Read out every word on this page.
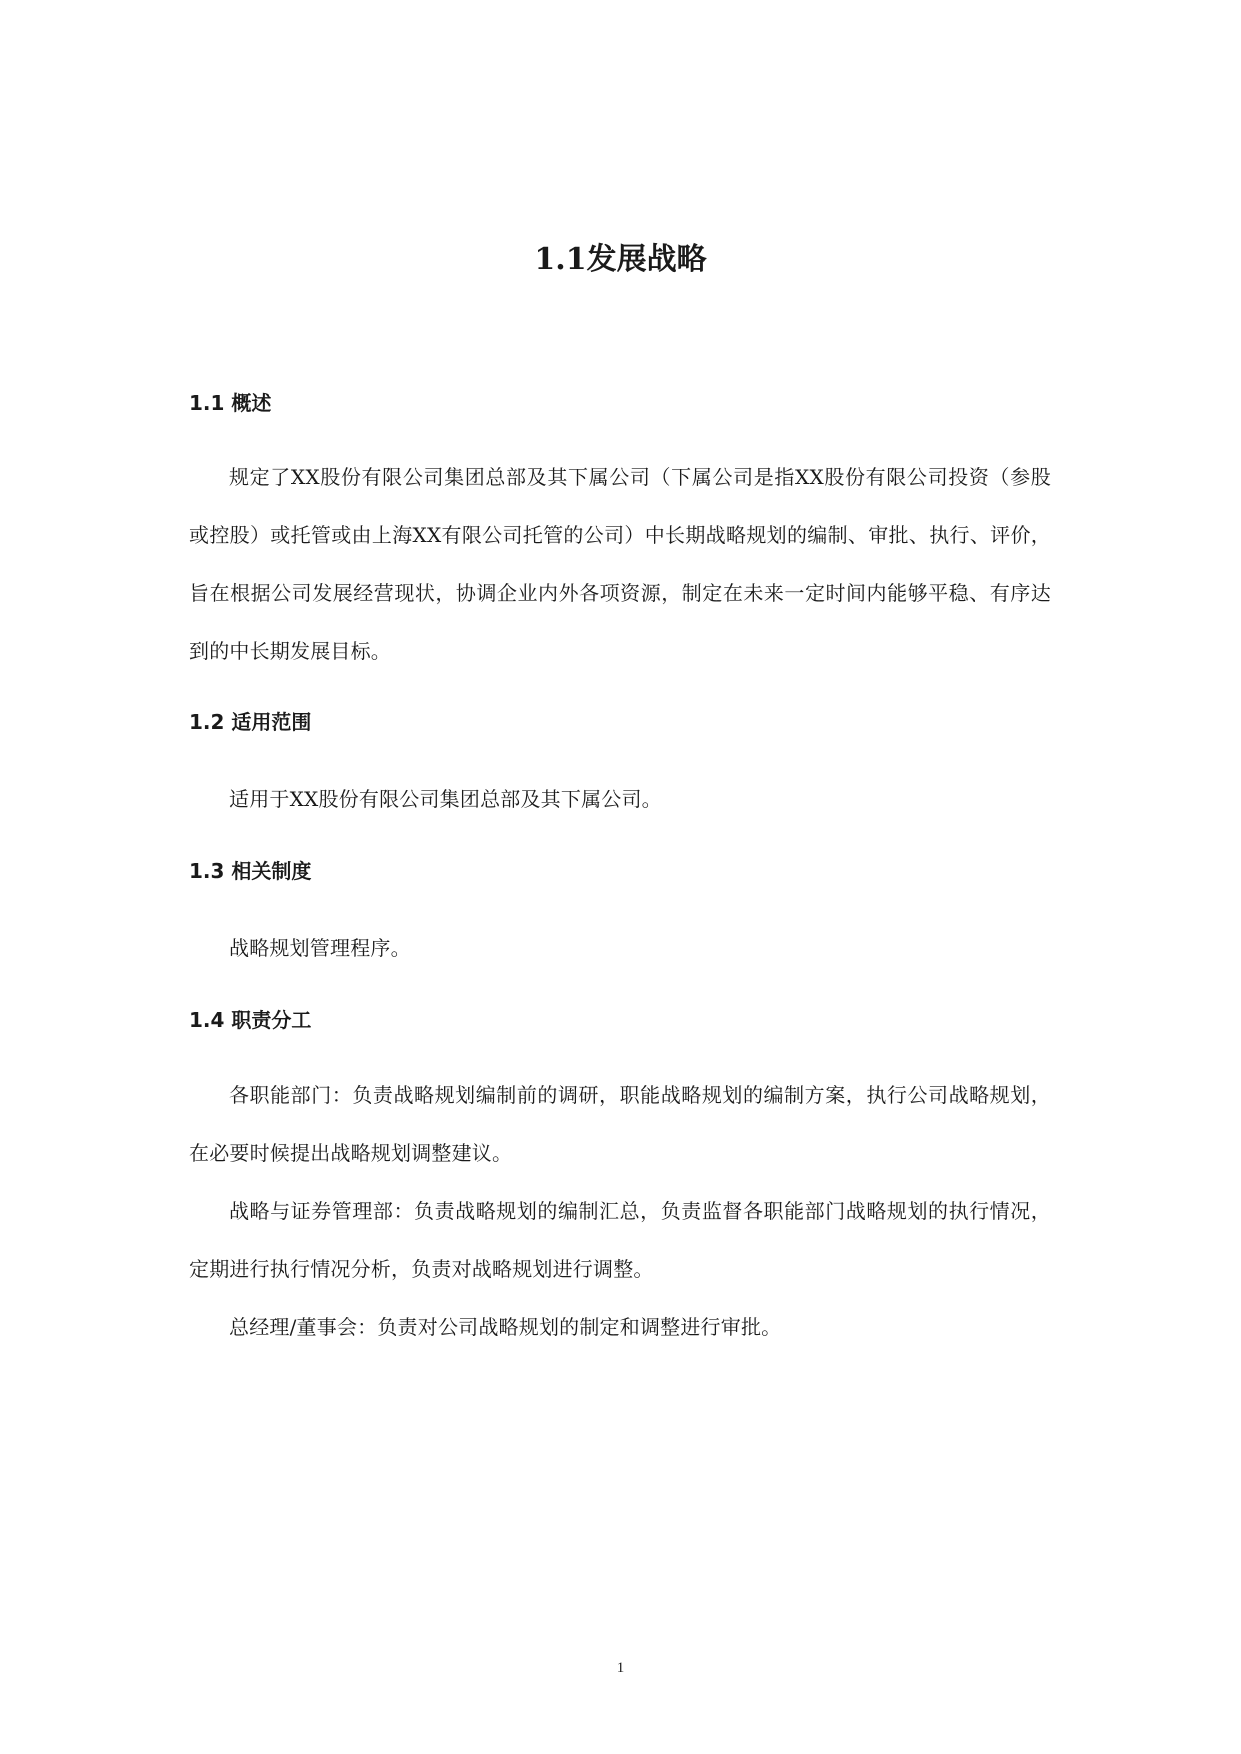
1.1发展战略
1.1 概述
规定了XX股份有限公司集团总部及其下属公司（下属公司是指XX股份有限公司投资（参股或控股）或托管或由上海XX有限公司托管的公司）中长期战略规划的编制、审批、执行、评价，旨在根据公司发展经营现状，协调企业内外各项资源，制定在未来一定时间内能够平稳、有序达到的中长期发展目标。
1.2 适用范围
适用于XX股份有限公司集团总部及其下属公司。
1.3 相关制度
战略规划管理程序。
1.4 职责分工
各职能部门：负责战略规划编制前的调研，职能战略规划的编制方案，执行公司战略规划，在必要时候提出战略规划调整建议。
战略与证券管理部：负责战略规划的编制汇总，负责监督各职能部门战略规划的执行情况，定期进行执行情况分析，负责对战略规划进行调整。
总经理/董事会：负责对公司战略规划的制定和调整进行审批。
1
